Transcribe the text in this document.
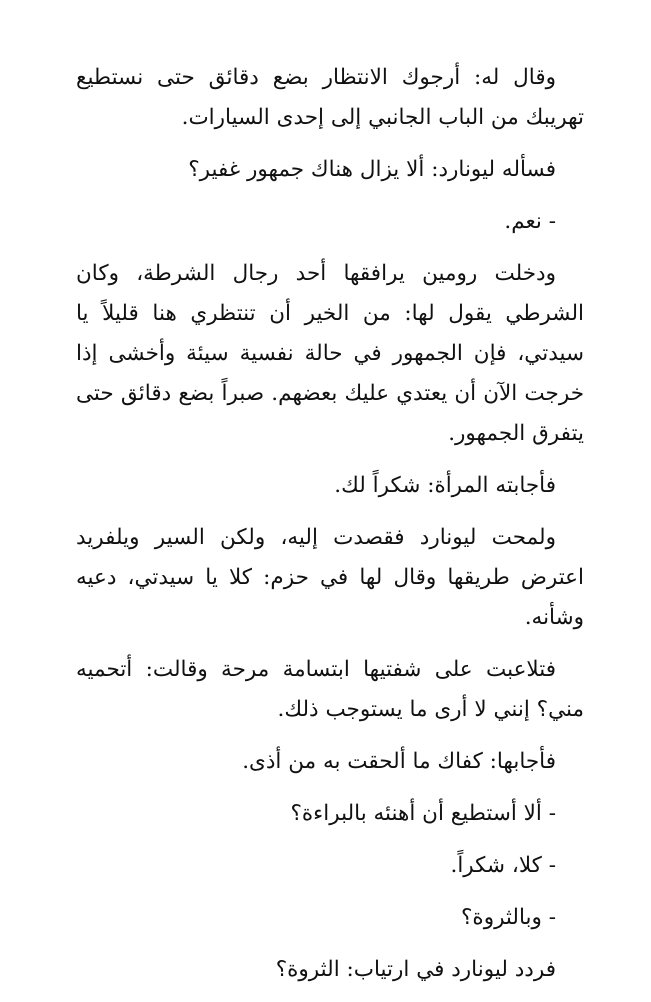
وقال له: أرجوك الانتظار بضع دقائق حتى نستطيع تهريبك من الباب الجانبي إلى إحدى السيارات.

فسأله ليونارد: ألا يزال هناك جمهور غفير؟

- نعم.

ودخلت رومين يرافقها أحد رجال الشرطة، وكان الشرطي يقول لها: من الخير أن تنتظري هنا قليلاً يا سيدتي، فإن الجمهور في حالة نفسية سيئة وأخشى إذا خرجت الآن أن يعتدي عليك بعضهم. صبراً بضع دقائق حتى يتفرق الجمهور.

فأجابته المرأة: شكراً لك.

ولمحت ليونارد فقصدت إليه، ولكن السير ويلفريد اعترض طريقها وقال لها في حزم: كلا يا سيدتي، دعيه وشأنه.

فتلاعبت على شفتيها ابتسامة مرحة وقالت: أتحميه مني؟ إنني لا أرى ما يستوجب ذلك.

فأجابها: كفاك ما ألحقت به من أذى.

- ألا أستطيع أن أهنئه بالبراءة؟

- كلا، شكراً.

- وبالثروة؟

فردد ليونارد في ارتياب: الثروة؟
